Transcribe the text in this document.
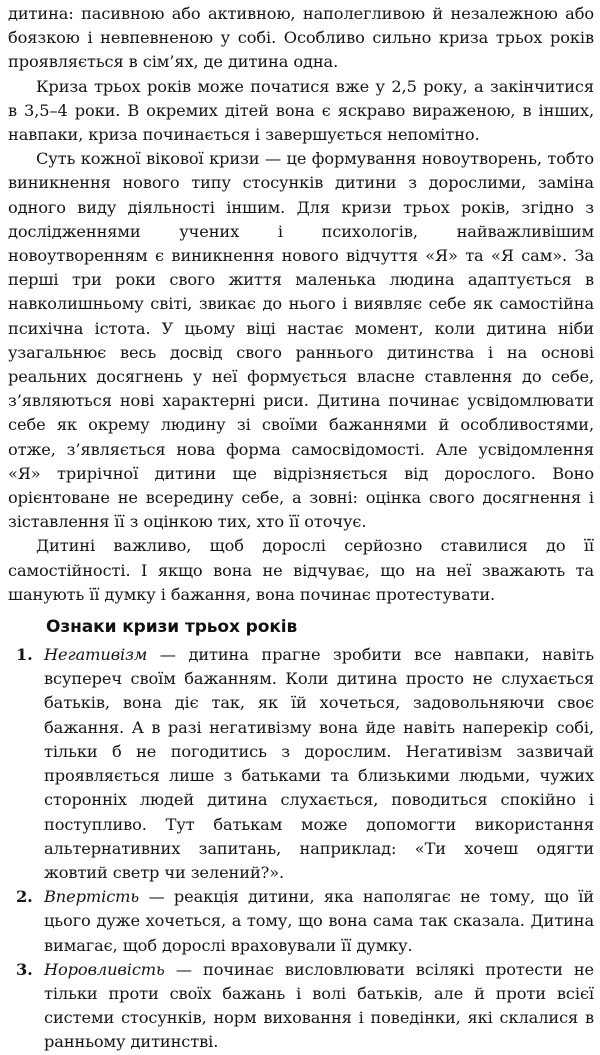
дитина: пасивною або активною, наполегливою й незалежною або боязкою і невпевненою у собі. Особливо сильно криза трьох років проявляється в сім’ях, де дитина одна.

Криза трьох років може початися вже у 2,5 року, а закінчитися в 3,5–4 роки. В окремих дітей вона є яскраво вираженою, в інших, навпаки, криза починається і завершується непомітно.

Суть кожної вікової кризи — це формування новоутворень, тобто виникнення нового типу стосунків дитини з дорослими, заміна одного виду діяльності іншим. Для кризи трьох років, згідно з дослідженнями учених і психологів, найважливішим новоутворенням є виникнення нового відчуття «Я» та «Я сам». За перші три роки свого життя маленька людина адаптується в навколишньому світі, звикає до нього і виявляє себе як самостійна психічна істота. У цьому віці настає момент, коли дитина ніби узагальнює весь досвід свого раннього дитинства і на основі реальних досягнень у неї формується власне ставлення до себе, з’являються нові характерні риси. Дитина починає усвідомлювати себе як окрему людину зі своїми бажаннями й особливостями, отже, з’являється нова форма самосвідомості. Але усвідомлення «Я» трирічної дитини ще відрізняється від дорослого. Воно орієнтоване не всередину себе, а зовні: оцінка свого досягнення і зіставлення її з оцінкою тих, хто її оточує.

Дитині важливо, щоб дорослі серйозно ставилися до її самостійності. І якщо вона не відчуває, що на неї зважають та шанують її думку і бажання, вона починає протестувати.

Ознаки кризи трьох років
1. Негативізм — дитина прагне зробити все навпаки, навіть всупереч своїм бажанням. Коли дитина просто не слухається батьків, вона діє так, як їй хочеться, задовольняючи своє бажання. А в разі негативізму вона йде навіть наперекір собі, тільки б не погодитись з дорослим. Негативізм зазвичай проявляється лише з батьками та близькими людьми, чужих сторонніх людей дитина слухається, поводиться спокійно і поступливо. Тут батькам може допомогти використання альтернативних запитань, наприклад: «Ти хочеш одягти жовтий светр чи зелений?».
2. Впертість — реакція дитини, яка наполягає не тому, що їй цього дуже хочеться, а тому, що вона сама так сказала. Дитина вимагає, щоб дорослі враховували її думку.
3. Норовливість — починає висловлювати всілякі протести не тільки проти своїх бажань і волі батьків, але й проти всієї системи стосунків, норм виховання і поведінки, які склалися в ранньому дитинстві.
